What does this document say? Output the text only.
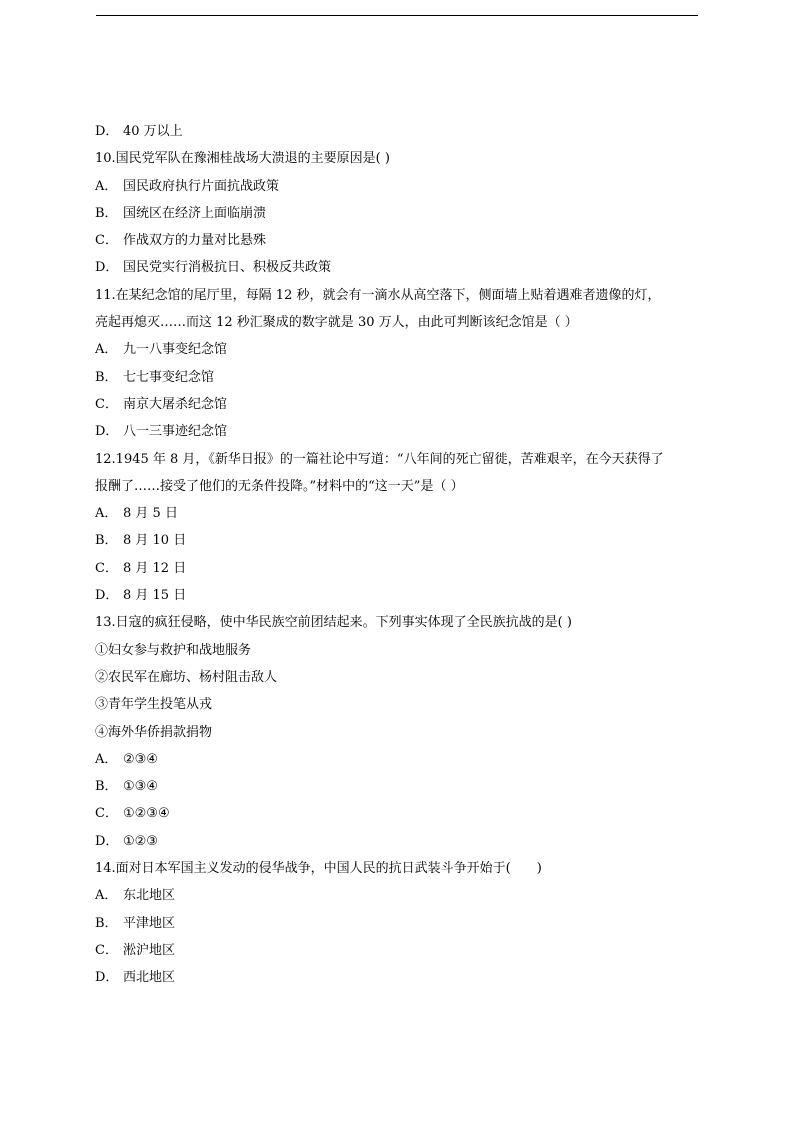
D． 40 万以上
10.国民党军队在豫湘桂战场大溃退的主要原因是( )
A． 国民政府执行片面抗战政策
B． 国统区在经济上面临崩溃
C． 作战双方的力量对比悬殊
D． 国民党实行消极抗日、积极反共政策
11.在某纪念馆的尾厅里，每隔 12 秒，就会有一滴水从高空落下，侧面墙上贴着遇难者遗像的灯，
亮起再熄灭……而这 12 秒汇聚成的数字就是 30 万人，由此可判断该纪念馆是（ ）
A． 九一八事变纪念馆
B． 七七事变纪念馆
C． 南京大屠杀纪念馆
D． 八一三事迹纪念馆
12.1945 年 8 月，《新华日报》的一篇社论中写道：“八年间的死亡留徙，苦难艰辛，在今天获得了
报酬了……接受了他们的无条件投降。”材料中的“这一天”是（ ）
A． 8 月 5 日
B． 8 月 10 日
C． 8 月 12 日
D． 8 月 15 日
13.日寇的疯狂侵略，使中华民族空前团结起来。下列事实体现了全民族抗战的是( )
①妇女参与救护和战地服务
②农民军在廊坊、杨村阻击敌人
③青年学生投笔从戎
④海外华侨捐款捐物
A． ②③④
B． ①③④
C． ①②③④
D． ①②③
14.面对日本军国主义发动的侵华战争，中国人民的抗日武装斗争开始于(　　)
A． 东北地区
B． 平津地区
C． 淞沪地区
D． 西北地区
